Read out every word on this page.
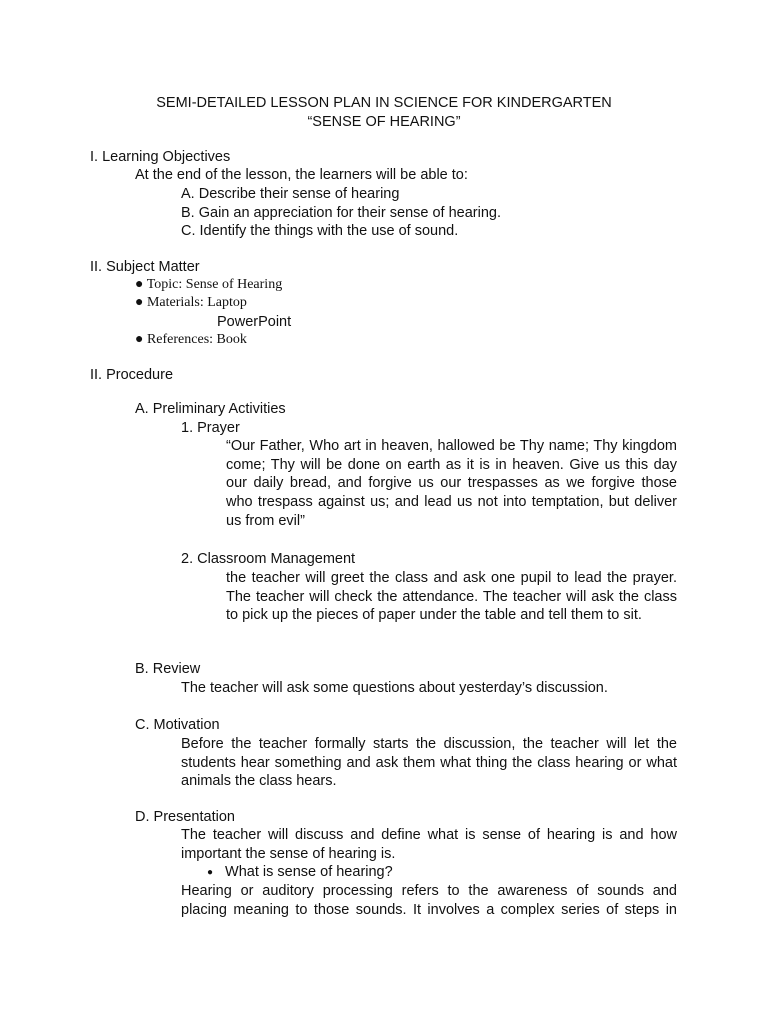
SEMI-DETAILED LESSON PLAN IN SCIENCE FOR KINDERGARTEN
“SENSE OF HEARING”
I. Learning Objectives
At the end of the lesson, the learners will be able to:
A. Describe their sense of hearing
B. Gain an appreciation for their sense of hearing.
C. Identify the things with the use of sound.
II. Subject Matter
● Topic: Sense of Hearing
● Materials: Laptop
PowerPoint
● References: Book
II. Procedure
A. Preliminary Activities
1. Prayer
“Our Father, Who art in heaven, hallowed be Thy name; Thy kingdom come; Thy will be done on earth as it is in heaven. Give us this day our daily bread, and forgive us our trespasses as we forgive those who trespass against us; and lead us not into temptation, but deliver us from evil”
2. Classroom Management
the teacher will greet the class and ask one pupil to lead the prayer. The teacher will check the attendance. The teacher will ask the class to pick up the pieces of paper under the table and tell them to sit.
B. Review
The teacher will ask some questions about yesterday’s discussion.
C. Motivation
Before the teacher formally starts the discussion, the teacher will let the students hear something and ask them what thing the class hearing or what animals the class hears.
D. Presentation
The teacher will discuss and define what is sense of hearing is and how important the sense of hearing is.
● What is sense of hearing?
Hearing or auditory processing refers to the awareness of sounds and placing meaning to those sounds. It involves a complex series of steps in
